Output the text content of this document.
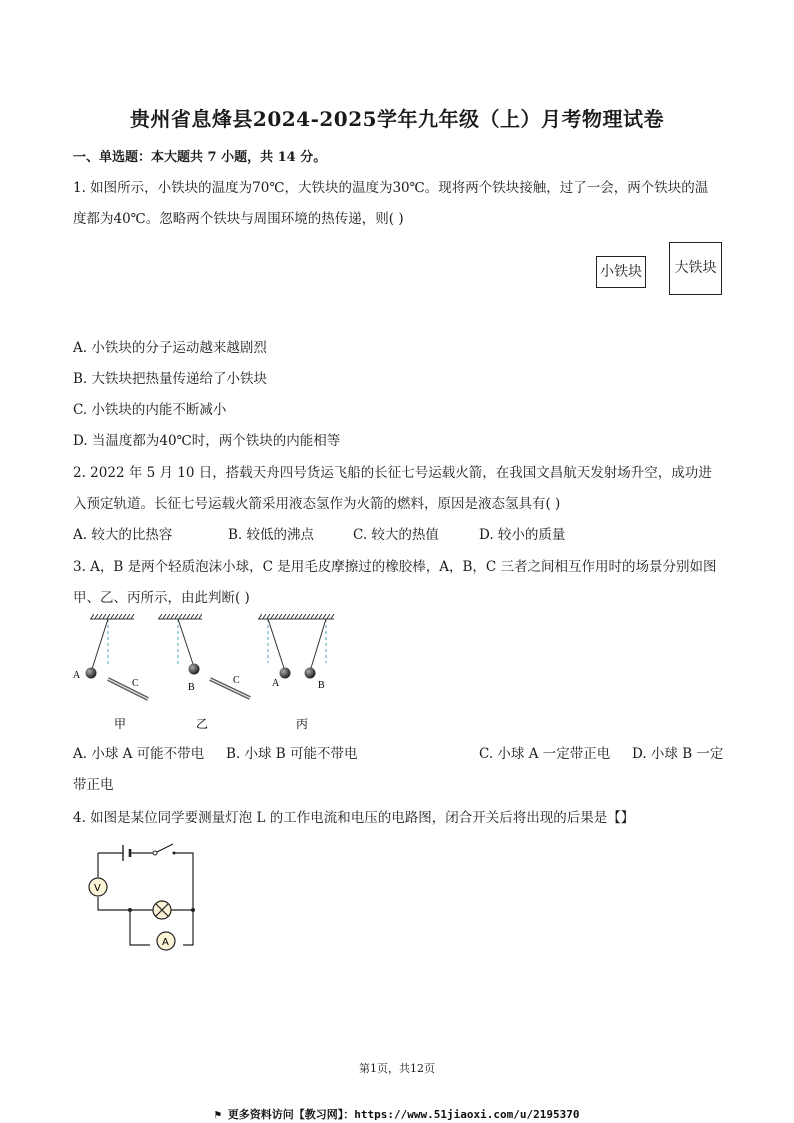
贵州省息烽县2024-2025学年九年级（上）月考物理试卷
一、单选题：本大题共 7 小题，共 14 分。
1. 如图所示，小铁块的温度为70℃，大铁块的温度为30℃。现将两个铁块接触，过了一会，两个铁块的温
度都为40℃。忽略两个铁块与周围环境的热传递，则( )
小铁块	大铁块
A. 小铁块的分子运动越来越剧烈
B. 大铁块把热量传递给了小铁块
C. 小铁块的内能不断减小
D. 当温度都为40℃时，两个铁块的内能相等
2. 2022 年 5 月 10 日，搭载天舟四号货运飞船的长征七号运载火箭，在我国文昌航天发射场升空，成功进
入预定轨道。长征七号运载火箭采用液态氢作为火箭的燃料，原因是液态氢具有( )
A. 较大的比热容	B. 较低的沸点	C. 较大的热值	D. 较小的质量
3. A，B 是两个轻质泡沫小球，C 是用毛皮摩擦过的橡胶棒，A，B，C 三者之间相互作用时的场景分别如图
甲、乙、丙所示，由此判断( )
A
C	B
C	A	B
甲	乙	丙
A. 小球 A 可能不带电 B. 小球 B 可能不带电	C. 小球 A 一定带正电 D. 小球 B 一定
带正电
4. 如图是某位同学要测量灯泡 L 的工作电流和电压的电路图，闭合开关后将出现的后果是【】
V
A
第1页，共12页
⚑ 更多资料访问【教习网】：https://www.51jiaoxi.com/u/2195370
